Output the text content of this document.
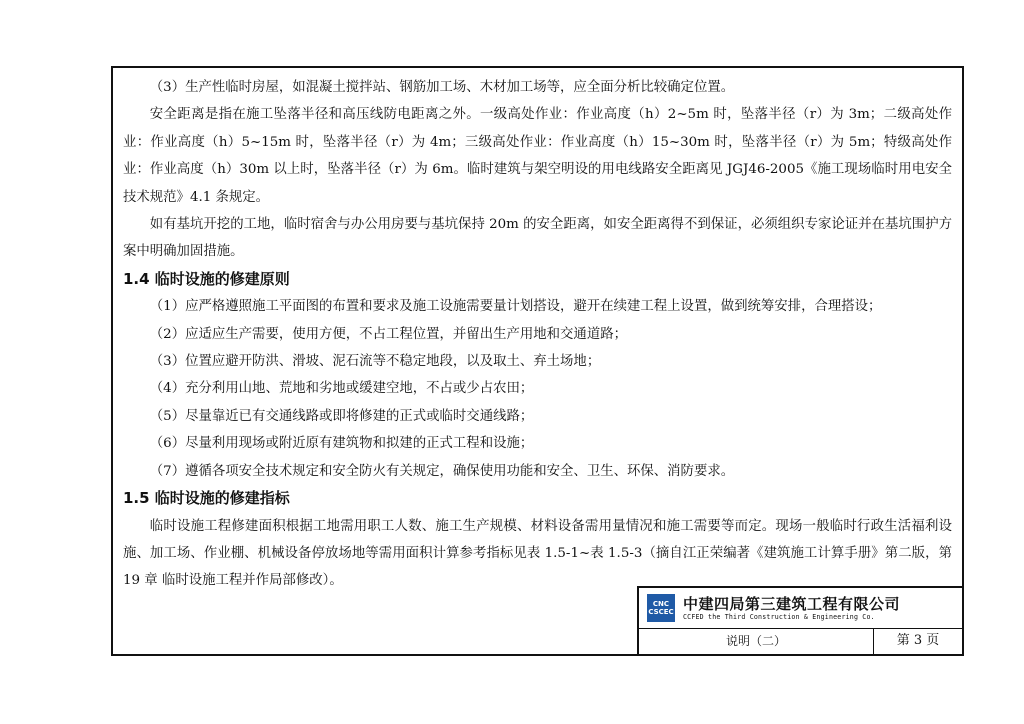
（3）生产性临时房屋，如混凝土搅拌站、钢筋加工场、木材加工场等，应全面分析比较确定位置。

安全距离是指在施工坠落半径和高压线防电距离之外。一级高处作业：作业高度（h）2~5m 时，坠落半径（r）为 3m；二级高处作业：作业高度（h）5~15m 时，坠落半径（r）为 4m；三级高处作业：作业高度（h）15~30m 时，坠落半径（r）为 5m；特级高处作业：作业高度（h）30m 以上时，坠落半径（r）为 6m。临时建筑与架空明设的用电线路安全距离见 JGJ46-2005《施工现场临时用电安全技术规范》4.1 条规定。

如有基坑开挖的工地，临时宿舍与办公用房要与基坑保持 20m 的安全距离，如安全距离得不到保证，必须组织专家论证并在基坑围护方案中明确加固措施。

1.4 临时设施的修建原则

（1）应严格遵照施工平面图的布置和要求及施工设施需要量计划搭设，避开在续建工程上设置，做到统筹安排，合理搭设；

（2）应适应生产需要，使用方便，不占工程位置，并留出生产用地和交通道路；

（3）位置应避开防洪、滑坡、泥石流等不稳定地段，以及取土、弃土场地；

（4）充分利用山地、荒地和劣地或缓建空地，不占或少占农田；

（5）尽量靠近已有交通线路或即将修建的正式或临时交通线路；

（6）尽量利用现场或附近原有建筑物和拟建的正式工程和设施；

（7）遵循各项安全技术规定和安全防火有关规定，确保使用功能和安全、卫生、环保、消防要求。

1.5 临时设施的修建指标

临时设施工程修建面积根据工地需用职工人数、施工生产规模、材料设备需用量情况和施工需要等而定。现场一般临时行政生活福利设施、加工场、作业棚、机械设备停放场地等需用面积计算参考指标见表 1.5-1~表 1.5-3（摘自江正荣编著《建筑施工计算手册》第二版，第 19 章 临时设施工程并作局部修改）。

CNC
CSCEC 中建四局第三建筑工程有限公司
CCFED the Third Construction & Engineering Co.
说明（二）	第 3 页
